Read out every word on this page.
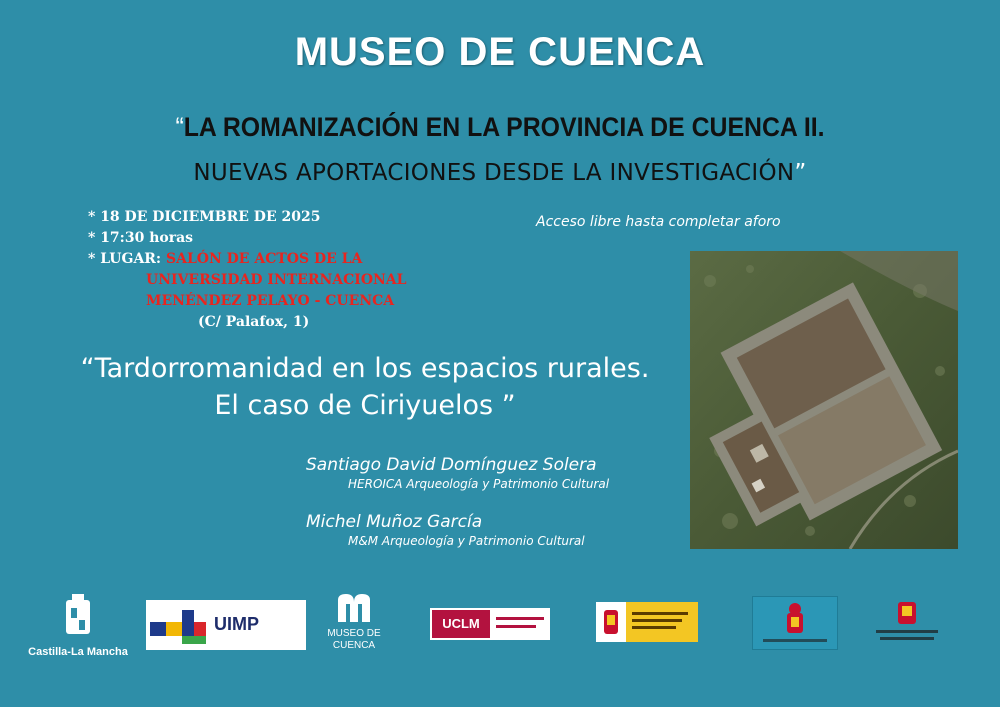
MUSEO DE CUENCA
“LA ROMANIZACIÓN EN LA PROVINCIA DE CUENCA II.
NUEVAS APORTACIONES DESDE LA INVESTIGACIÓN”
* 18 DE DICIEMBRE DE 2025
* 17:30 horas
* LUGAR: SALÓN DE ACTOS DE LA
UNIVERSIDAD INTERNACIONAL
MENÉNDEZ PELAYO - CUENCA
(C/ Palafox, 1)
Acceso libre hasta completar aforo
“Tardorromanidad en los espacios rurales.
El caso de Ciriyuelos ”
Santiago David Domínguez Solera
HEROICA Arqueología y Patrimonio Cultural
Michel Muñoz García
M&M Arqueología y Patrimonio Cultural
Castilla-La Mancha
UIMP	MUSEO DE
CUENCA
UCLM
